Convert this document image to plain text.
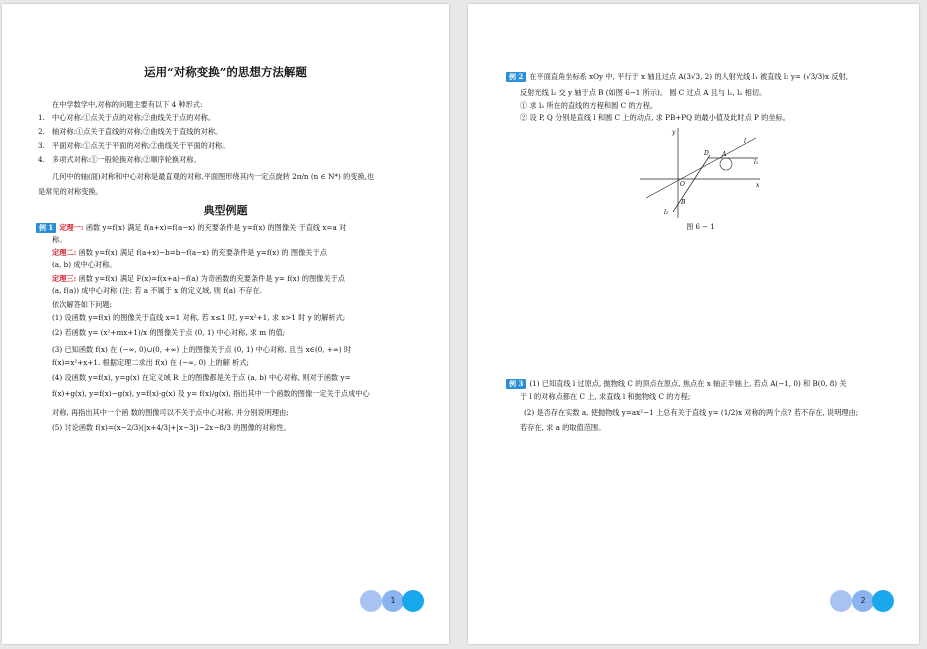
运用“对称变换”的思想方法解题
在中学数学中,对称的问题主要有以下 4 种形式:
1.　中心对称:①点关于点的对称;②曲线关于点的对称。
2.　轴对称:①点关于直线的对称;②曲线关于直线的对称。
3.　平面对称:①点关于平面的对称;②曲线关于平面的对称。
4.　多项式对称:①一般轮换对称;②顺序轮换对称。
几何中的轴(面)对称和中心对称是最直观的对称,平面图形绕其内一定点旋转 2π/n (n ∈ N*) 的变换,也
是常见的对称变换。
典型例题
例 1 定理一: 函数 y=f(x) 满足 f(a+x)=f(a−x) 的充要条件是 y=f(x) 的图像关 于直线 x=a 对
称。
定理二: 函数 y=f(x) 满足 f(a+x)−b=b−f(a−x) 的充要条件是 y=f(x) 的 图像关于点
(a, b) 成中心对称。
定理三: 函数 y=f(x) 满足 F(x)=f(x+a)−f(a) 为奇函数的充要条件是 y= f(x) 的图像关于点
(a, f(a)) 成中心对称 (注: 若 a 不属于 x 的定义域, 则 f(a) 不存在.
依次解答如下问题:
(1) 设函数 y=f(x) 的图像关于直线 x=1 对称, 若 x≤1 时, y=x²+1, 求 x>1 时 y 的解析式;
(2) 若函数 y= (x²+mx+1)/x 的图像关于点 (0, 1) 中心对称, 求 m 的值;
(3) 已知函数 f(x) 在 (−∞, 0)∪(0, +∞) 上的图像关于点 (0, 1) 中心对称, 且当 x∈(0, +∞) 时
f(x)=x²+x+1. 根据定理二求出 f(x) 在 (−∞, 0) 上的解 析式;
(4) 设函数 y=f(x), y=g(x) 在定义域 R 上的图像都是关于点 (a, b) 中心对称, 则对于函数 y=
f(x)+g(x), y=f(x)−g(x), y=f(x)·g(x) 及 y= f(x)/g(x), 指出其中一个函数的图像一定关于点成中心
对称, 再指出其中一个函 数的图像可以不关于点中心对称, 并分别说明理由;
(5) 讨论函数 f(x)=(x−2/3)(|x+4/3|+|x−3|)−2x−8/3 的图像的对称性。
1
例 2 在平面直角坐标系 xOy 中, 平行于 x 轴且过点 A(3√3, 2) 的人射光线 l₁ 被直线 l: y= (√3/3)x 反射,
反射光线 l₂ 交 y 轴于点 B (如图 6−1 所示)。 圆 C 过点 A 且与 l₁, l₂ 相切。
① 求 l₂ 所在的直线的方程和圆 C 的方程。
② 设 P, Q 分别是直线 l 和圆 C 上的动点, 求 PB+PQ 的最小值及此时点 P 的坐标。
y
x
O
D A
B
l
l₁
l₂
图 6 − 1
例 3 (1) 已知直线 l 过原点, 抛物线 C 的顶点在原点, 焦点在 x 轴正半轴上, 若点 A(−1, 0) 和 B(0, 8) 关
于 l 的对称点都在 C 上, 求直线 l 和抛物线 C 的方程;
(2) 是否存在实数 a, 使抛物线 y=ax²−1 上总有关于直线 y= (1/2)x 对称的两个点? 若不存在, 说明理由;
若存在, 求 a 的取值范围。
2
